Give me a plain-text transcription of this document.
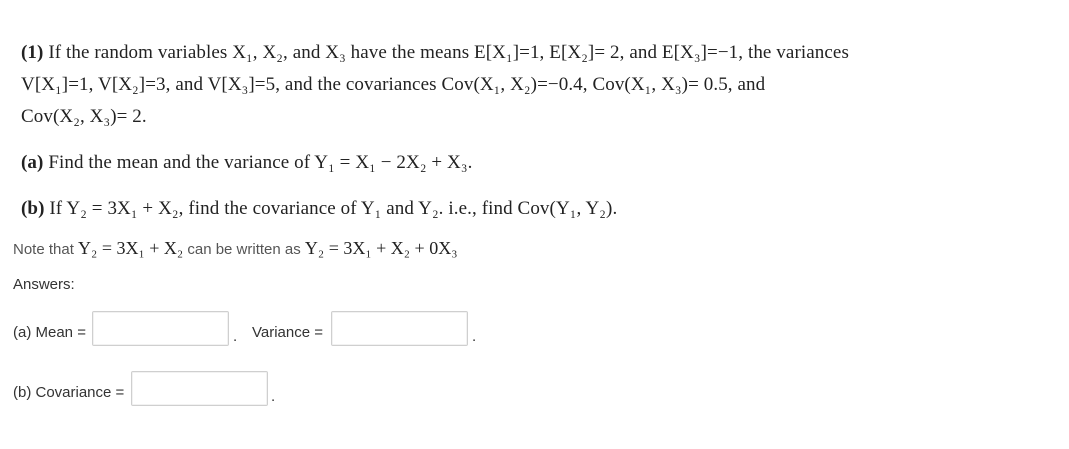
(1) If the random variables X₁, X₂, and X₃ have the means E[X₁]=1, E[X₂]= 2, and E[X₃]=−1, the variances
V[X₁]=1, V[X₂]=3, and V[X₃]=5, and the covariances Cov(X₁, X₂)=−0.4, Cov(X₁, X₃)= 0.5, and
Cov(X₂, X₃)= 2.
(a) Find the mean and the variance of Y₁ = X₁ − 2X₂ + X₃.
(b) If Y₂ = 3X₁ + X₂, find the covariance of Y₁ and Y₂. i.e., find Cov(Y₁, Y₂).
Note that Y₂ = 3X₁ + X₂ can be written as Y₂ = 3X₁ + X₂ + 0X₃
Answers:
(a) Mean =	. Variance =	.
(b) Covariance =	.
